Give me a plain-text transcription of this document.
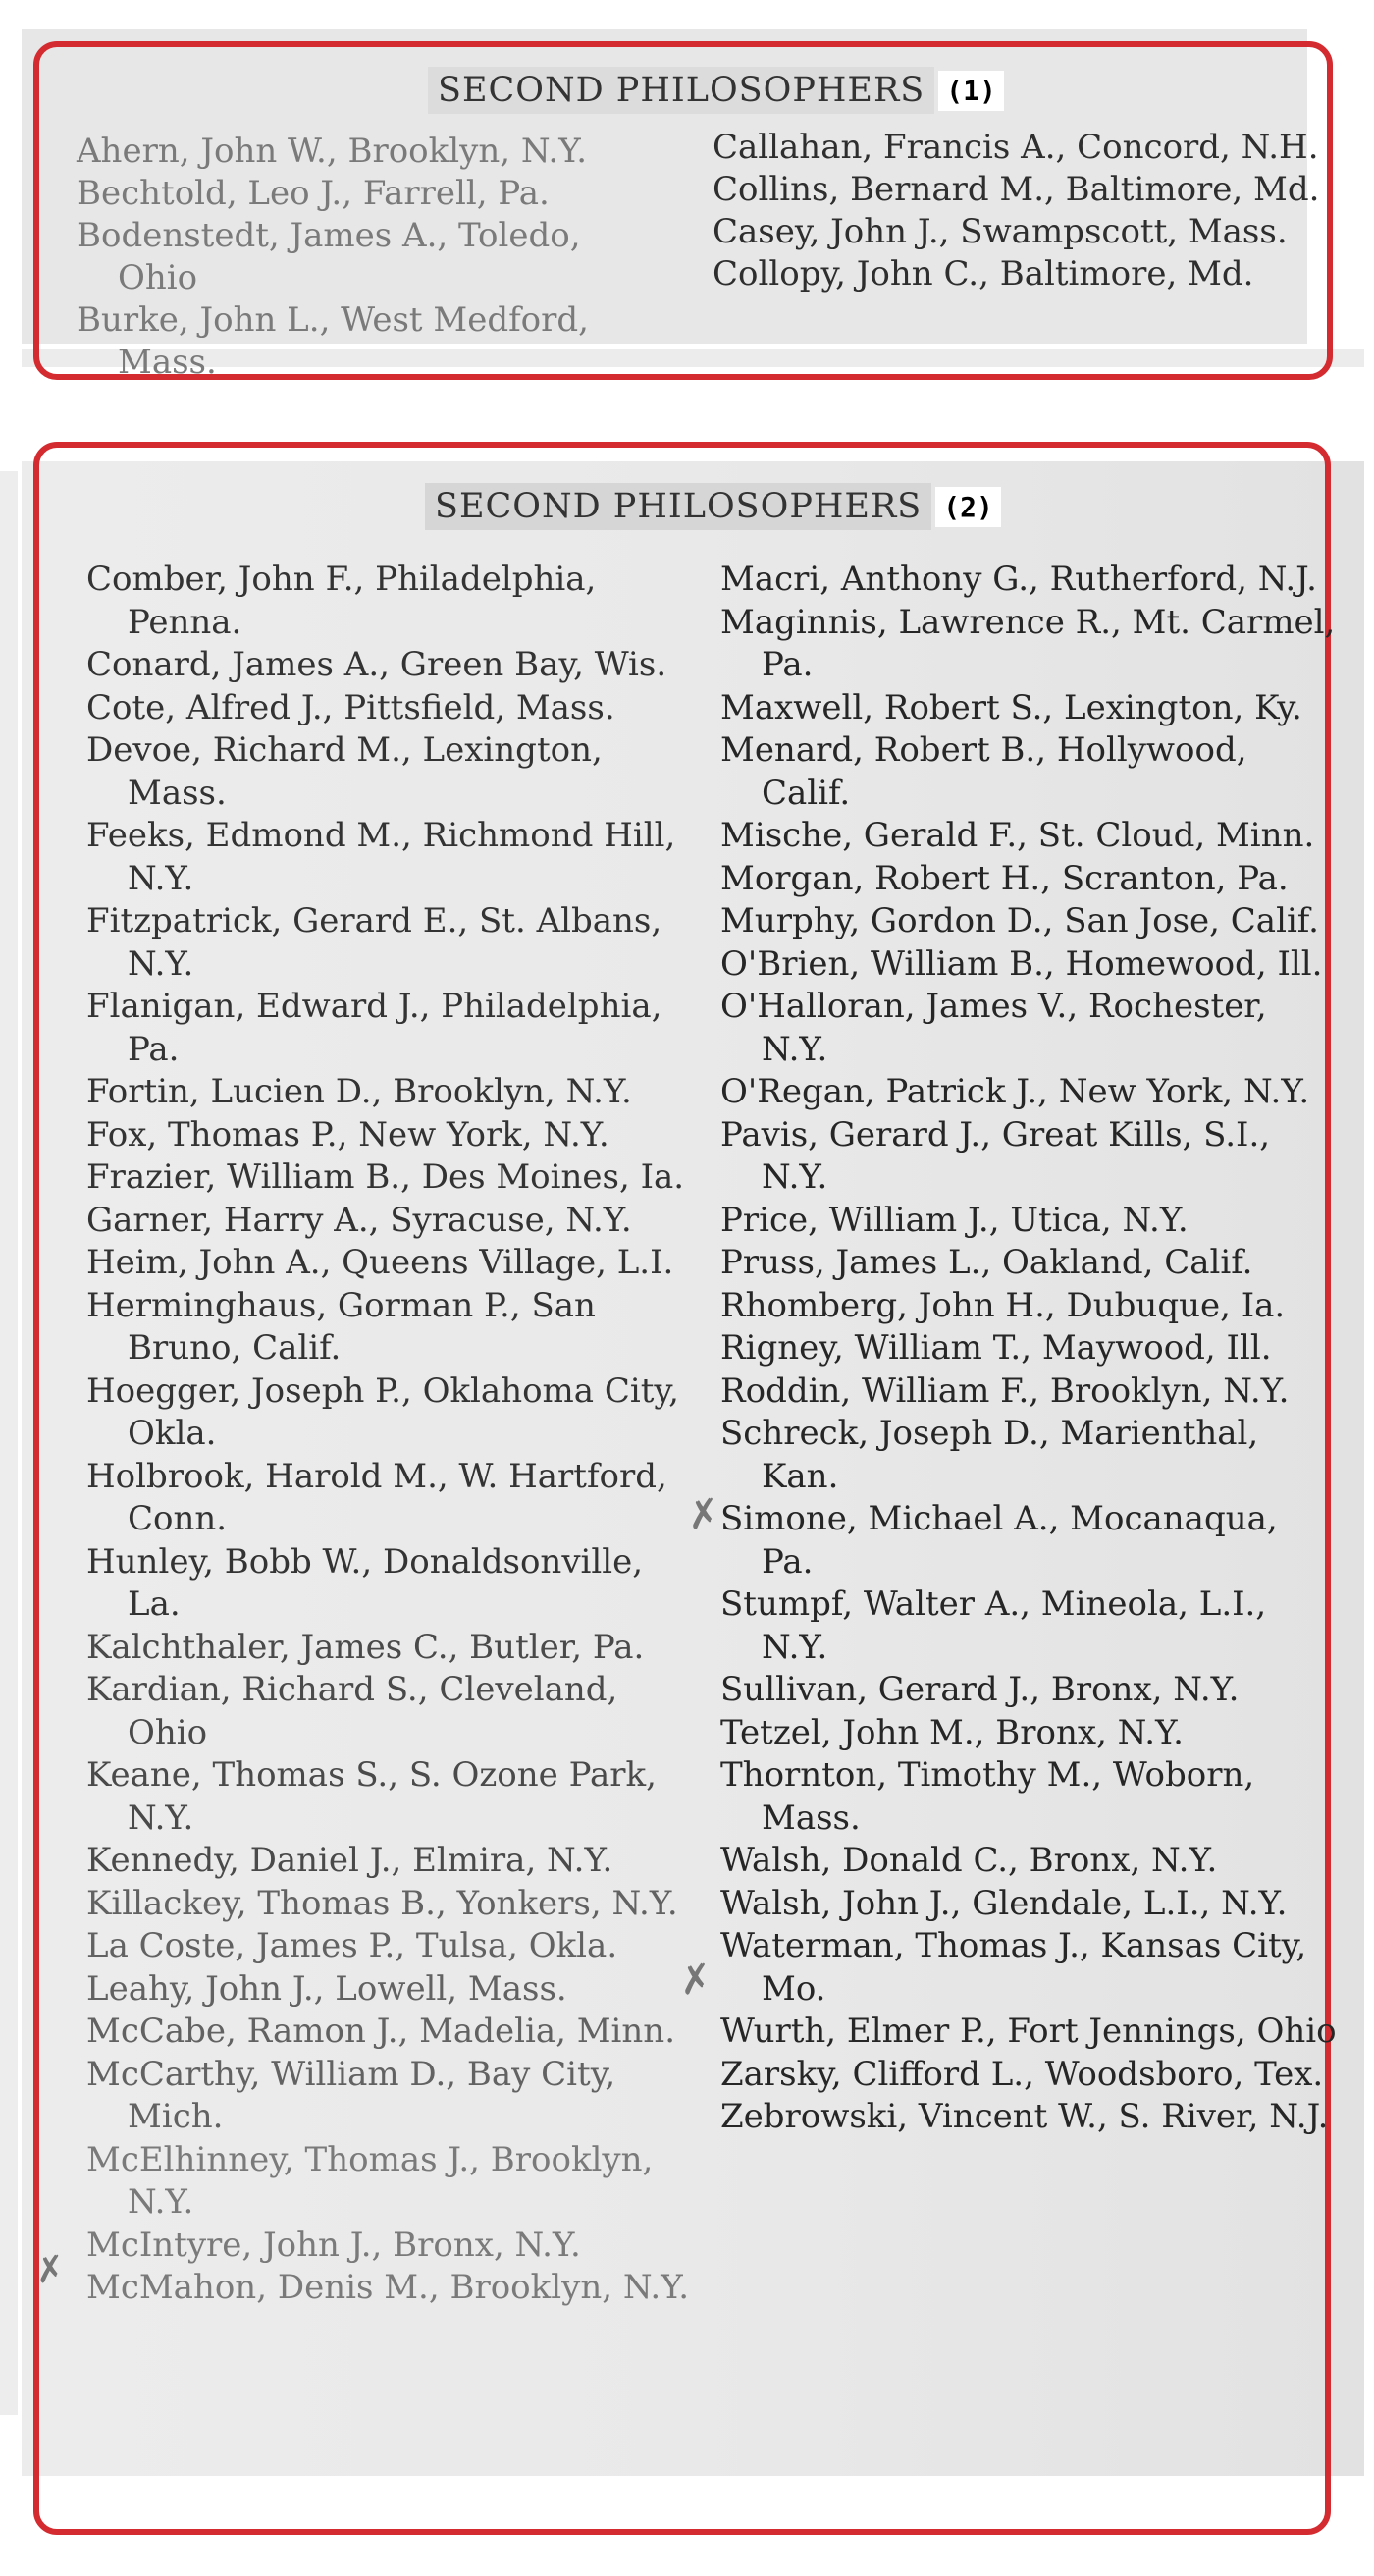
SECOND PHILOSOPHERS (1)
Ahern, John W., Brooklyn, N.Y.
Bechtold, Leo J., Farrell, Pa.
Bodenstedt, James A., Toledo, Ohio
Burke, John L., West Medford, Mass.
Callahan, Francis A., Concord, N.H.
Collins, Bernard M., Baltimore, Md.
Casey, John J., Swampscott, Mass.
Collopy, John C., Baltimore, Md.
SECOND PHILOSOPHERS (2)
Comber, John F., Philadelphia, Penna.
Conard, James A., Green Bay, Wis.
Cote, Alfred J., Pittsfield, Mass.
Devoe, Richard M., Lexington, Mass.
Feeks, Edmond M., Richmond Hill, N.Y.
Fitzpatrick, Gerard E., St. Albans, N.Y.
Flanigan, Edward J., Philadelphia, Pa.
Fortin, Lucien D., Brooklyn, N.Y.
Fox, Thomas P., New York, N.Y.
Frazier, William B., Des Moines, Ia.
Garner, Harry A., Syracuse, N.Y.
Heim, John A., Queens Village, L.I.
Herminghaus, Gorman P., San Bruno, Calif.
Hoegger, Joseph P., Oklahoma City, Okla.
Holbrook, Harold M., W. Hartford, Conn.
Hunley, Bobb W., Donaldsonville, La.
Kalchthaler, James C., Butler, Pa.
Kardian, Richard S., Cleveland, Ohio
Keane, Thomas S., S. Ozone Park, N.Y.
Kennedy, Daniel J., Elmira, N.Y.
Killackey, Thomas B., Yonkers, N.Y.
La Coste, James P., Tulsa, Okla.
Leahy, John J., Lowell, Mass.
McCabe, Ramon J., Madelia, Minn.
McCarthy, William D., Bay City, Mich.
McElhinney, Thomas J., Brooklyn, N.Y.
McIntyre, John J., Bronx, N.Y.
McMahon, Denis M., Brooklyn, N.Y.
Macri, Anthony G., Rutherford, N.J.
Maginnis, Lawrence R., Mt. Carmel, Pa.
Maxwell, Robert S., Lexington, Ky.
Menard, Robert B., Hollywood, Calif.
Mische, Gerald F., St. Cloud, Minn.
Morgan, Robert H., Scranton, Pa.
Murphy, Gordon D., San Jose, Calif.
O'Brien, William B., Homewood, Ill.
O'Halloran, James V., Rochester, N.Y.
O'Regan, Patrick J., New York, N.Y.
Pavis, Gerard J., Great Kills, S.I., N.Y.
Price, William J., Utica, N.Y.
Pruss, James L., Oakland, Calif.
Rhomberg, John H., Dubuque, Ia.
Rigney, William T., Maywood, Ill.
Roddin, William F., Brooklyn, N.Y.
Schreck, Joseph D., Marienthal, Kan.
Simone, Michael A., Mocanaqua, Pa.
Stumpf, Walter A., Mineola, L.I., N.Y.
Sullivan, Gerard J., Bronx, N.Y.
Tetzel, John M., Bronx, N.Y.
Thornton, Timothy M., Woborn, Mass.
Walsh, Donald C., Bronx, N.Y.
Walsh, John J., Glendale, L.I., N.Y.
Waterman, Thomas J., Kansas City, Mo.
Wurth, Elmer P., Fort Jennings, Ohio
Zarsky, Clifford L., Woodsboro, Tex.
Zebrowski, Vincent W., S. River, N.J.
✗
✗
✗
